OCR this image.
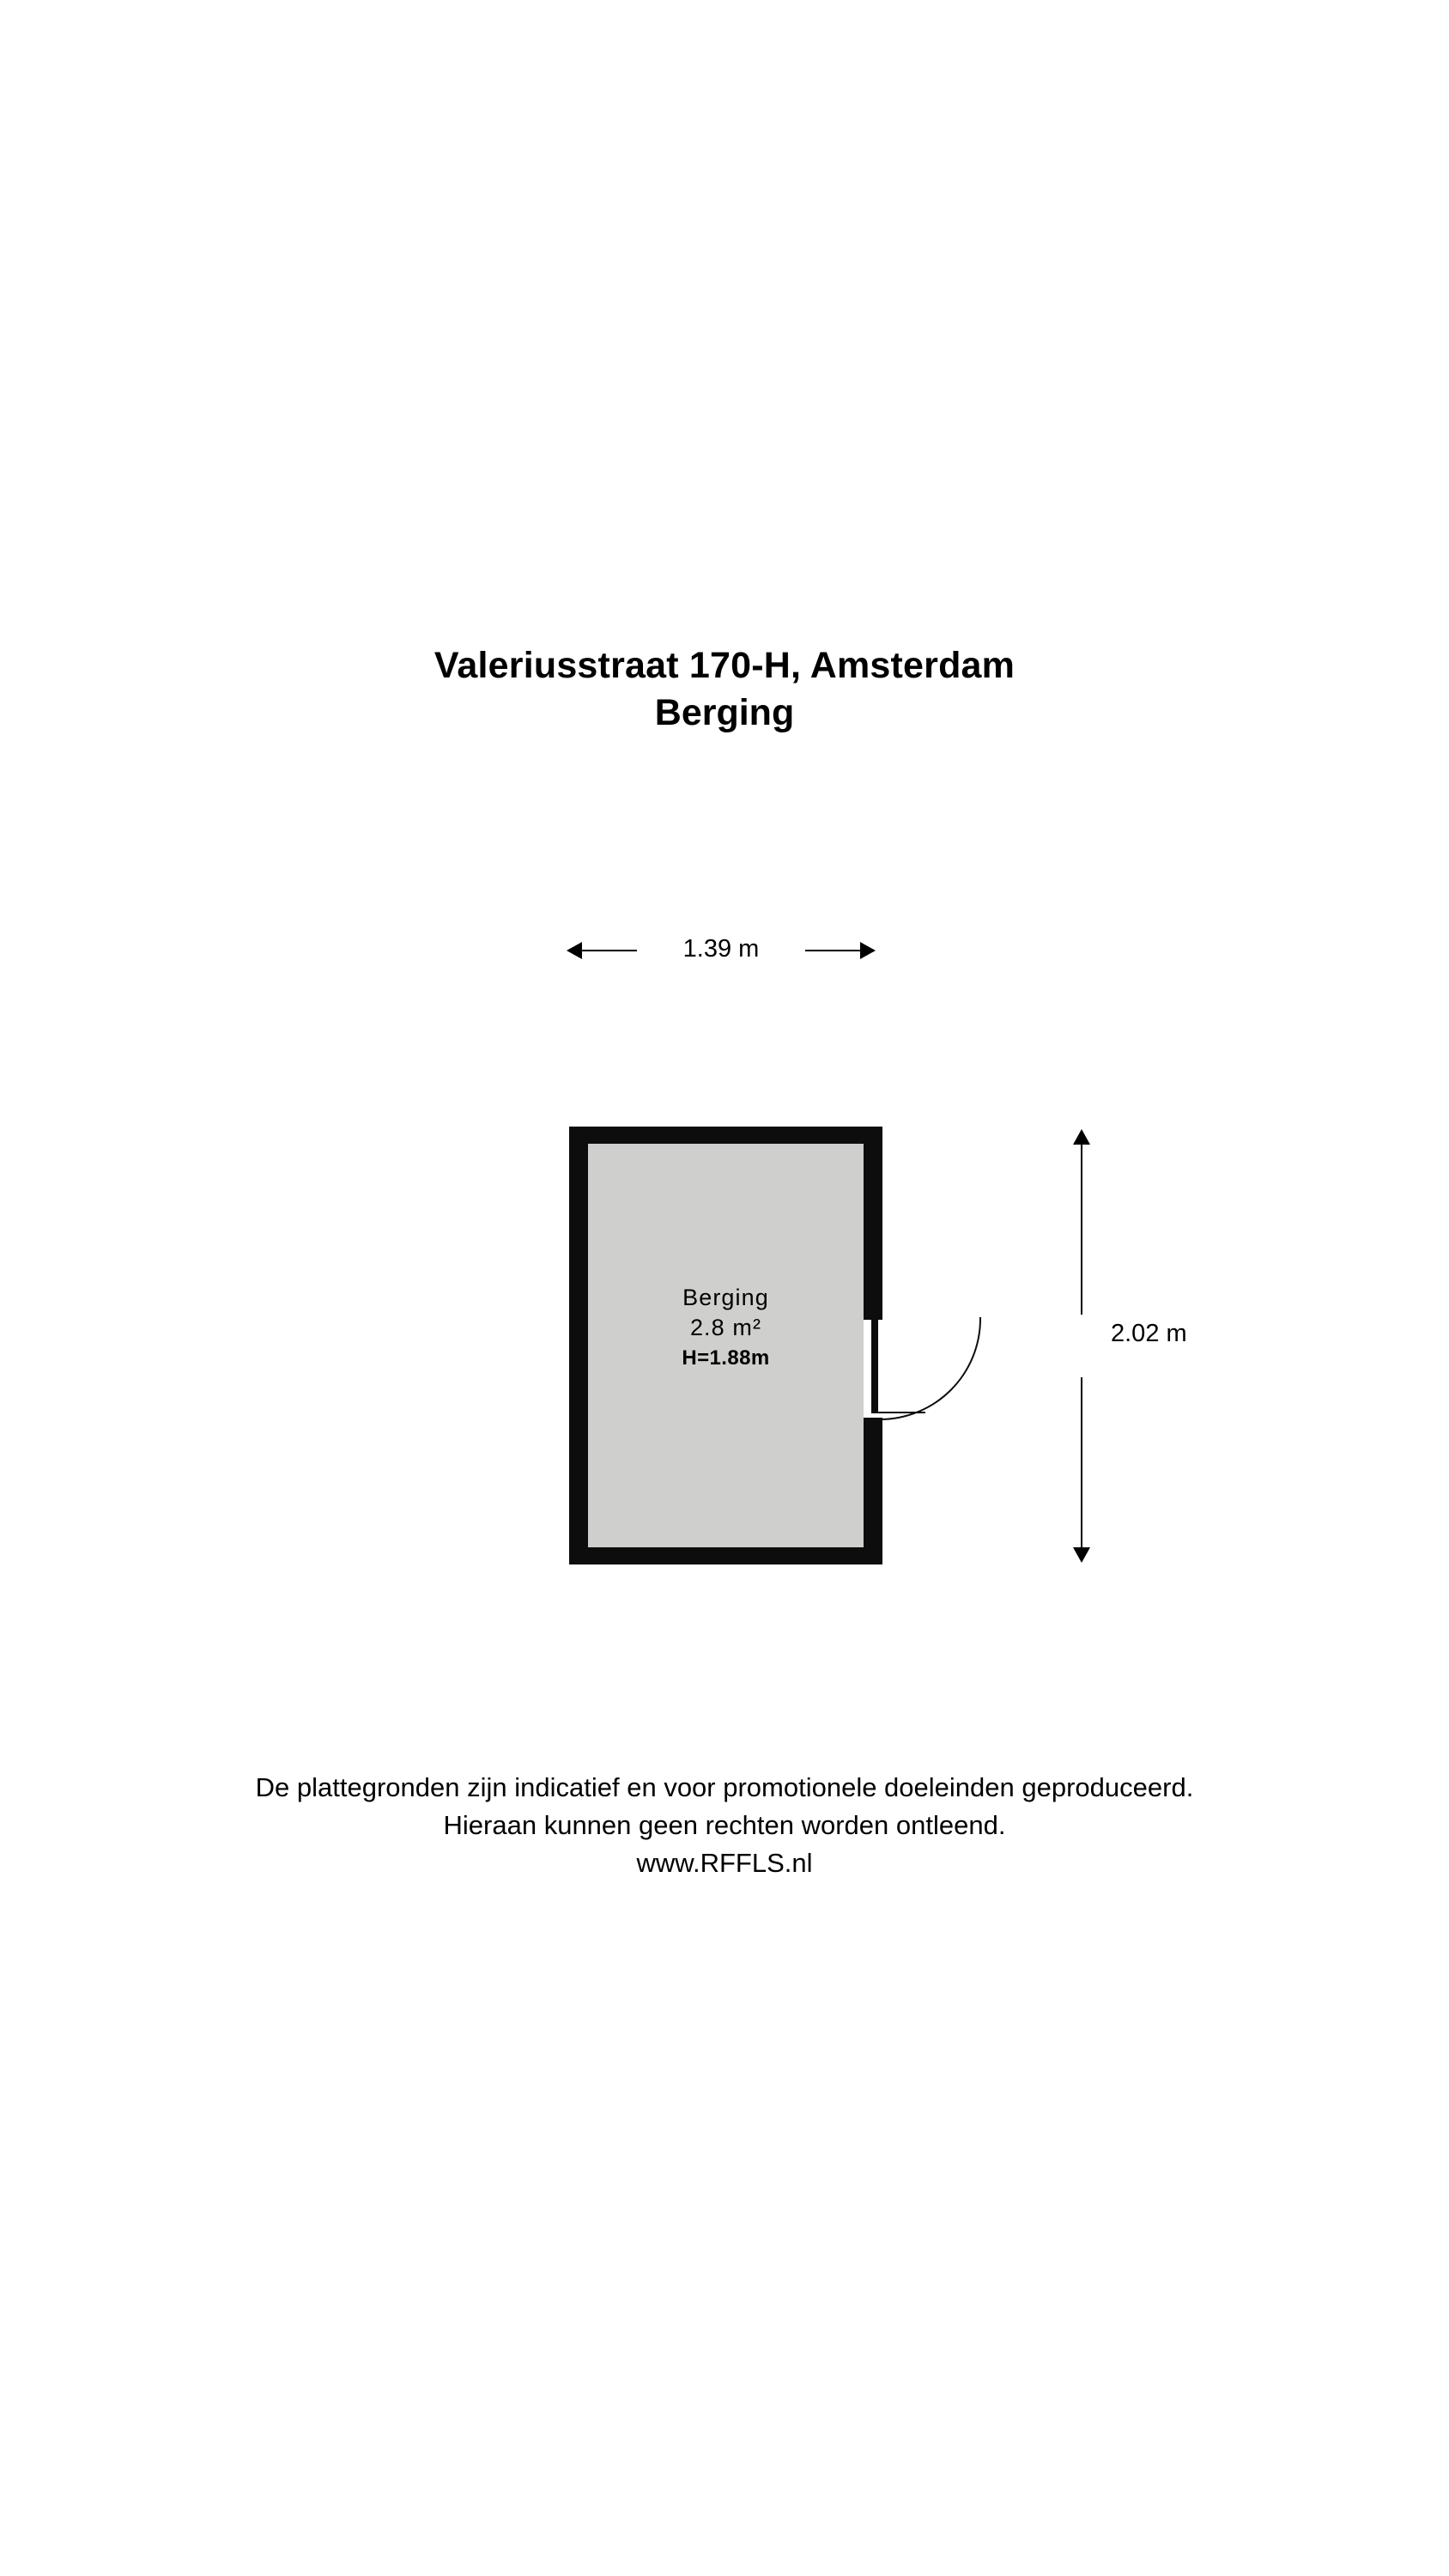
Valeriusstraat 170-H, Amsterdam
Berging
1.39 m
Berging
2.8 m²
H=1.88m
2.02 m
De plattegronden zijn indicatief en voor promotionele doeleinden geproduceerd.
Hieraan kunnen geen rechten worden ontleend.
www.RFFLS.nl
